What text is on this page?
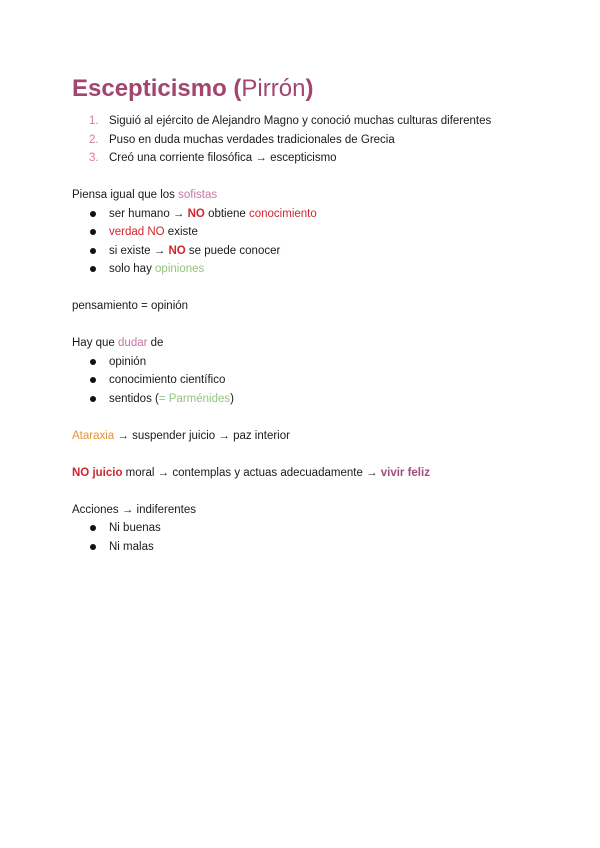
Escepticismo (Pirrón)
1. Siguió al ejército de Alejandro Magno y conoció muchas culturas diferentes
2. Puso en duda muchas verdades tradicionales de Grecia
3. Creó una corriente filosófica → escepticismo

Piensa igual que los sofistas

ser humano → NO obtiene conocimiento
verdad NO existe
si existe → NO se puede conocer
solo hay opiniones

pensamiento = opinión

Hay que dudar de

opinión
conocimiento científico
sentidos (= Parménides)

Ataraxia → suspender juicio → paz interior

NO juicio moral → contemplas y actuas adecuadamente → vivir feliz

Acciones → indiferentes

Ni buenas
Ni malas
